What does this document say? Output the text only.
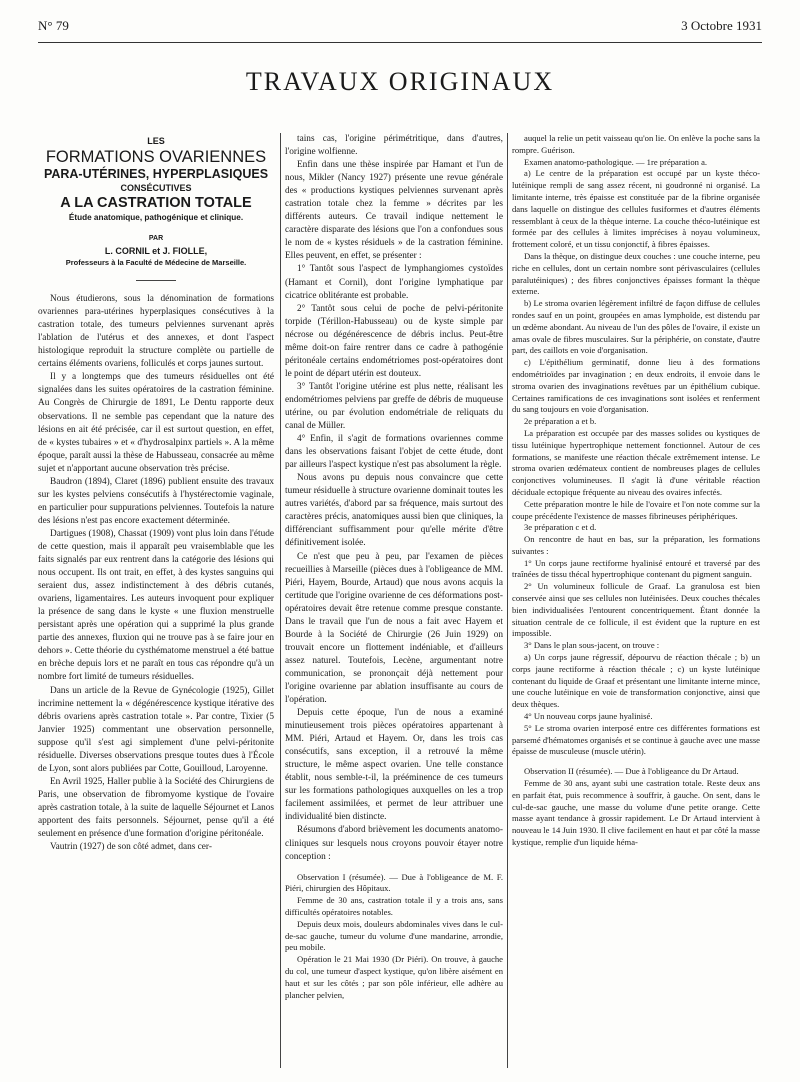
N° 79	3 Octobre 1931
TRAVAUX ORIGINAUX
LES
FORMATIONS OVARIENNES
PARA-UTÉRINES, HYPERPLASIQUES
CONSÉCUTIVES
A LA CASTRATION TOTALE
Étude anatomique, pathogénique et clinique.
PAR
L. CORNIL et J. FIOLLE,
Professeurs à la Faculté de Médecine de Marseille.

Nous étudierons, sous la dénomination de formations ovariennes para-utérines hyperplasiques consécutives à la castration totale, des tumeurs pelviennes survenant après l'ablation de l'utérus et des annexes, et dont l'aspect histologique reproduit la structure complète ou partielle de certains éléments ovariens, folliculés et corps jaunes surtout.

Il y a longtemps que des tumeurs résiduelles ont été signalées dans les suites opératoires de la castration féminine. Au Congrès de Chirurgie de 1891, Le Dentu rapporte deux observations. Il ne semble pas cependant que la nature des lésions en ait été précisée, car il est surtout question, en effet, de « kystes tubaires » et « d'hydrosalpinx partiels ». A la même époque, paraît aussi la thèse de Habusseau, consacrée au même sujet et n'apportant aucune observation très précise.

Baudron (1894), Claret (1896) publient ensuite des travaux sur les kystes pelviens consécutifs à l'hystérectomie vaginale, en particulier pour suppurations pelviennes. Toutefois la nature des lésions n'est pas encore exactement déterminée.

Dartigues (1908), Chassat (1909) vont plus loin dans l'étude de cette question, mais il apparaît peu vraisemblable que les faits signalés par eux rentrent dans la catégorie des lésions qui nous occupent. Ils ont trait, en effet, à des kystes sanguins qui seraient dus, assez indistinctement à des débris cutanés, ovariens, ligamentaires. Les auteurs invoquent pour expliquer la présence de sang dans le kyste « une fluxion menstruelle persistant après une opération qui a supprimé la plus grande partie des annexes, fluxion qui ne trouve pas à se faire jour en dehors ». Cette théorie du cysthématome menstruel a été battue en brèche depuis lors et ne paraît en tous cas répondre qu'à un nombre fort limité de tumeurs résiduelles.

Dans un article de la Revue de Gynécologie (1925), Gillet incrimine nettement la « dégénérescence kystique itérative des débris ovariens après castration totale ». Par contre, Tixier (5 Janvier 1925) commentant une observation personnelle, suppose qu'il s'est agi simplement d'une pelvi-péritonite résiduelle. Diverses observations presque toutes dues à l'École de Lyon, sont alors publiées par Cotte, Gouilloud, Laroyenne.

En Avril 1925, Haller publie à la Société des Chirurgiens de Paris, une observation de fibromyome kystique de l'ovaire après castration totale, à la suite de laquelle Séjournet et Lanos apportent des faits personnels. Séjournet, pense qu'il a été seulement en présence d'une formation d'origine péritonéale.

Vautrin (1927) de son côté admet, dans cer-

tains cas, l'origine périmétritique, dans d'autres, l'origine wolfienne.

Enfin dans une thèse inspirée par Hamant et l'un de nous, Mikler (Nancy 1927) présente une revue générale des « productions kystiques pelviennes survenant après castration totale chez la femme » décrites par les différents auteurs. Ce travail indique nettement le caractère disparate des lésions que l'on a confondues sous le nom de « kystes résiduels » de la castration féminine. Elles peuvent, en effet, se présenter :

1° Tantôt sous l'aspect de lymphangiomes cystoïdes (Hamant et Cornil), dont l'origine lymphatique par cicatrice oblitérante est probable.

2° Tantôt sous celui de poche de pelvi-péritonite torpide (Térillon-Habusseau) ou de kyste simple par nécrose ou dégénérescence de débris inclus. Peut-être même doit-on faire rentrer dans ce cadre à pathogénie péritonéale certains endométriomes post-opératoires dont le point de départ utérin est douteux.

3° Tantôt l'origine utérine est plus nette, réalisant les endométriomes pelviens par greffe de débris de muqueuse utérine, ou par évolution endométriale de reliquats du canal de Müller.

4° Enfin, il s'agit de formations ovariennes comme dans les observations faisant l'objet de cette étude, dont par ailleurs l'aspect kystique n'est pas absolument la règle.

Nous avons pu depuis nous convaincre que cette tumeur résiduelle à structure ovarienne dominait toutes les autres variétés, d'abord par sa fréquence, mais surtout des caractères précis, anatomiques aussi bien que cliniques, la différenciant suffisamment pour qu'elle mérite d'être définitivement isolée.

Ce n'est que peu à peu, par l'examen de pièces recueillies à Marseille (pièces dues à l'obligeance de MM. Piéri, Hayem, Bourde, Artaud) que nous avons acquis la certitude que l'origine ovarienne de ces déformations post-opératoires devait être retenue comme presque constante. Dans le travail que l'un de nous a fait avec Hayem et Bourde à la Société de Chirurgie (26 Juin 1929) on trouvait encore un flottement indéniable, et d'ailleurs assez naturel. Toutefois, Lecène, argumentant notre communication, se prononçait déjà nettement pour l'origine ovarienne par ablation insuffisante au cours de l'opération.

Depuis cette époque, l'un de nous a examiné minutieusement trois pièces opératoires appartenant à MM. Piéri, Artaud et Hayem. Or, dans les trois cas consécutifs, sans exception, il a retrouvé la même structure, le même aspect ovarien. Une telle constance établit, nous semble-t-il, la prééminence de ces tumeurs sur les formations pathologiques auxquelles on les a trop facilement assimilées, et permet de leur attribuer une individualité bien distincte.

Résumons d'abord brièvement les documents anatomo-cliniques sur lesquels nous croyons pouvoir étayer notre conception :

Observation I (résumée). — Due à l'obligeance de M. F. Piéri, chirurgien des Hôpitaux.

Femme de 30 ans, castration totale il y a trois ans, sans difficultés opératoires notables.

Depuis deux mois, douleurs abdominales vives dans le cul-de-sac gauche, tumeur du volume d'une mandarine, arrondie, peu mobile.

Opération le 21 Mai 1930 (Dr Piéri). On trouve, à gauche du col, une tumeur d'aspect kystique, qu'on libère aisément en haut et sur les côtés ; par son pôle inférieur, elle adhère au plancher pelvien,

auquel la relie un petit vaisseau qu'on lie. On enlève la poche sans la rompre. Guérison.

Examen anatomo-pathologique. — 1re préparation a.

a) Le centre de la préparation est occupé par un kyste théco-lutéinique rempli de sang assez récent, ni goudronné ni organisé. La limitante interne, très épaisse est constituée par de la fibrine organisée dans laquelle on distingue des cellules fusiformes et d'autres éléments ressemblant à ceux de la thèque interne. La couche théco-lutéinique est formée par des cellules à limites imprécises à noyau volumineux, frottement coloré, et un tissu conjonctif, à fibres épaisses.

Dans la thèque, on distingue deux couches : une couche interne, peu riche en cellules, dont un certain nombre sont périvasculaires (cellules paralutéiniques) ; des fibres conjonctives épaisses formant la thèque externe.

b) Le stroma ovarien légèrement infiltré de façon diffuse de cellules rondes sauf en un point, groupées en amas lymphoïde, est distendu par un œdème abondant. Au niveau de l'un des pôles de l'ovaire, il existe un amas ovale de fibres musculaires. Sur la périphérie, on constate, d'autre part, des caillots en voie d'organisation.

c) L'épithélium germinatif, donne lieu à des formations endométrioïdes par invagination ; en deux endroits, il envoie dans le stroma ovarien des invaginations revêtues par un épithélium cubique. Certaines ramifications de ces invaginations sont isolées et renferment du sang toujours en voie d'organisation.

2e préparation a et b.

La préparation est occupée par des masses solides ou kystiques de tissu lutéinique hypertrophique nettement fonctionnel. Autour de ces formations, se manifeste une réaction thécale extrêmement intense. Le stroma ovarien œdémateux contient de nombreuses plages de cellules conjonctives volumineuses. Il s'agit là d'une véritable réaction déciduale ectopique fréquente au niveau des ovaires infectés.

Cette préparation montre le hile de l'ovaire et l'on note comme sur la coupe précédente l'existence de masses fibrineuses périphériques.

3e préparation c et d.

On rencontre de haut en bas, sur la préparation, les formations suivantes :

1° Un corps jaune rectiforme hyalinisé entouré et traversé par des traînées de tissu thécal hypertrophique contenant du pigment sanguin.

2° Un volumineux follicule de Graaf. La granulosa est bien conservée ainsi que ses cellules non lutéinisées. Deux couches thécales bien individualisées l'entourent concentriquement. Étant donnée la situation centrale de ce follicule, il est évident que la rupture en est impossible.

3° Dans le plan sous-jacent, on trouve :

a) Un corps jaune régressif, dépourvu de réaction thécale ; b) un corps jaune rectiforme à réaction thécale ; c) un kyste lutéinique contenant du liquide de Graaf et présentant une limitante interne mince, une couche lutéinique en voie de transformation conjonctive, ainsi que deux thèques.

4° Un nouveau corps jaune hyalinisé.

5° Le stroma ovarien interposé entre ces différentes formations est parsemé d'hématomes organisés et se continue à gauche avec une masse épaisse de musculeuse (muscle utérin).

Observation II (résumée). — Due à l'obligeance du Dr Artaud.

Femme de 30 ans, ayant subi une castration totale. Reste deux ans en parfait état, puis recommence à souffrir, à gauche. On sent, dans le cul-de-sac gauche, une masse du volume d'une petite orange. Cette masse ayant tendance à grossir rapidement. Le Dr Artaud intervient à nouveau le 14 Juin 1930. Il clive facilement en haut et par côté la masse kystique, remplie d'un liquide héma-
